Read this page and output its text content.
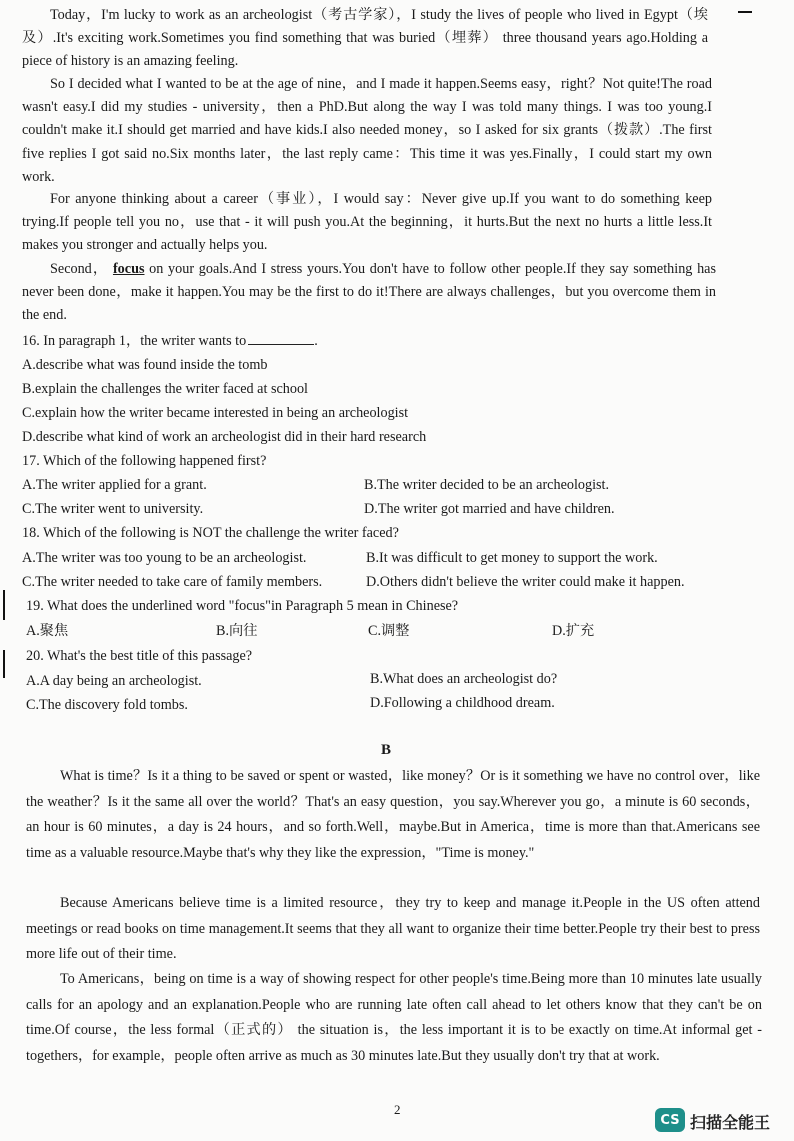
Today，I'm lucky to work as an archeologist（考古学家），I study the lives of people who lived in Egypt（埃及）.It's exciting work.Sometimes you find something that was buried（埋葬） three thousand years ago.Holding a piece of history is an amazing feeling.

So I decided what I wanted to be at the age of nine，and I made it happen.Seems easy，right？Not quite!The road wasn't easy.I did my studies - university，then a PhD.But along the way I was told many things. I was too young.I couldn't make it.I should get married and have kids.I also needed money，so I asked for six grants（拨款）.The first five replies I got said no.Six months later，the last reply came：This time it was yes.Finally，I could start my own work.

For anyone thinking about a career（事业），I would say：Never give up.If you want to do something keep trying.If people tell you no，use that - it will push you.At the beginning，it hurts.But the next no hurts a little less.It makes you stronger and actually helps you.

Second， focus on your goals.And I stress yours.You don't have to follow other people.If they say something has never been done，make it happen.You may be the first to do it!There are always challenges，but you overcome them in the end.

16. In paragraph 1，the writer wants to	.

A.describe what was found inside the tomb

B.explain the challenges the writer faced at school

C.explain how the writer became interested in being an archeologist

D.describe what kind of work an archeologist did in their hard research

17. Which of the following happened first?

A.The writer applied for a grant.	B.The writer decided to be an archeologist.

C.The writer went to university.	D.The writer got married and have children.

18. Which of the following is NOT the challenge the writer faced?

A.The writer was too young to be an archeologist.	B.It was difficult to get money to support the work.

C.The writer needed to take care of family members.	D.Others didn't believe the writer could make it happen.

19. What does the underlined word "focus"in Paragraph 5 mean in Chinese?

A.聚焦	B.向往	C.调整	D.扩充

20. What's the best title of this passage?

A.A day being an archeologist.	B.What does an archeologist do?

C.The discovery fold tombs.	D.Following a childhood dream.

B

What is time？Is it a thing to be saved or spent or wasted，like money？Or is it something we have no control over，like the weather？Is it the same all over the world？That's an easy question，you say.Wherever you go，a minute is 60 seconds，an hour is 60 minutes，a day is 24 hours，and so forth.Well，maybe.But in America，time is more than that.Americans see time as a valuable resource.Maybe that's why they like the expression，"Time is money."

Because Americans believe time is a limited resource，they try to keep and manage it.People in the US often attend meetings or read books on time management.It seems that they all want to organize their time better.People try their best to press more life out of their time.

To Americans，being on time is a way of showing respect for other people's time.Being more than 10 minutes late usually calls for an apology and an explanation.People who are running late often call ahead to let others know that they can't be on time.Of course，the less formal（正式的） the situation is，the less important it is to be exactly on time.At informal get - togethers，for example，people often arrive as much as 30 minutes late.But they usually don't try that at work.

2
CS 扫描全能王
